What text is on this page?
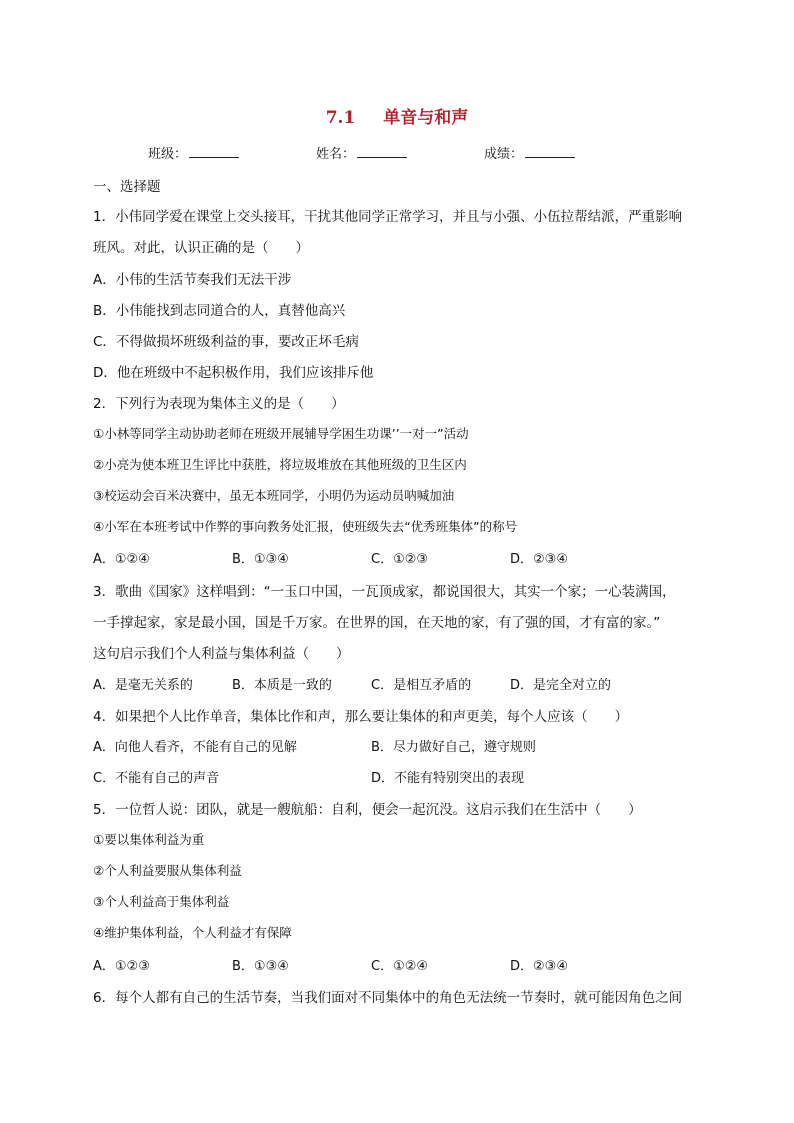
7.1 单音与和声
班级：	姓名：	成绩：
一、选择题
1．小伟同学爱在课堂上交头接耳，干扰其他同学正常学习，并且与小强、小伍拉帮结派，严重影响
班风。对此，认识正确的是（　　）
A．小伟的生活节奏我们无法干涉
B．小伟能找到志同道合的人，真替他高兴
C．不得做损坏班级利益的事，要改正坏毛病
D．他在班级中不起积极作用，我们应该排斥他
2．下列行为表现为集体主义的是（　　）
①小林等同学主动协助老师在班级开展辅导学困生功课’’一对一”活动
②小亮为使本班卫生评比中获胜，将垃圾堆放在其他班级的卫生区内
③校运动会百米决赛中，虽无本班同学，小明仍为运动员呐喊加油
④小军在本班考试中作弊的事向教务处汇报，使班级失去“优秀班集体”的称号
A．①②④	B．①③④	C．①②③	D．②③④
3．歌曲《国家》这样唱到：“一玉口中国，一瓦顶成家，都说国很大，其实一个家；一心装满国，
一手撑起家，家是最小国，国是千万家。在世界的国，在天地的家，有了强的国，才有富的家。”
这句启示我们个人利益与集体利益（　　）
A．是毫无关系的	B．本质是一致的	C．是相互矛盾的	D．是完全对立的
4．如果把个人比作单音，集体比作和声，那么要让集体的和声更美，每个人应该（　　）
A．向他人看齐，不能有自己的见解	B．尽力做好自己，遵守规则
C．不能有自己的声音	D．不能有特别突出的表现
5．一位哲人说：团队，就是一艘航船：自利，便会一起沉没。这启示我们在生活中（　　）
①要以集体利益为重
②个人利益要服从集体利益
③个人利益高于集体利益
④维护集体利益，个人利益才有保障
A．①②③	B．①③④	C．①②④	D．②③④
6．每个人都有自己的生活节奏，当我们面对不同集体中的角色无法统一节奏时，就可能因角色之间
